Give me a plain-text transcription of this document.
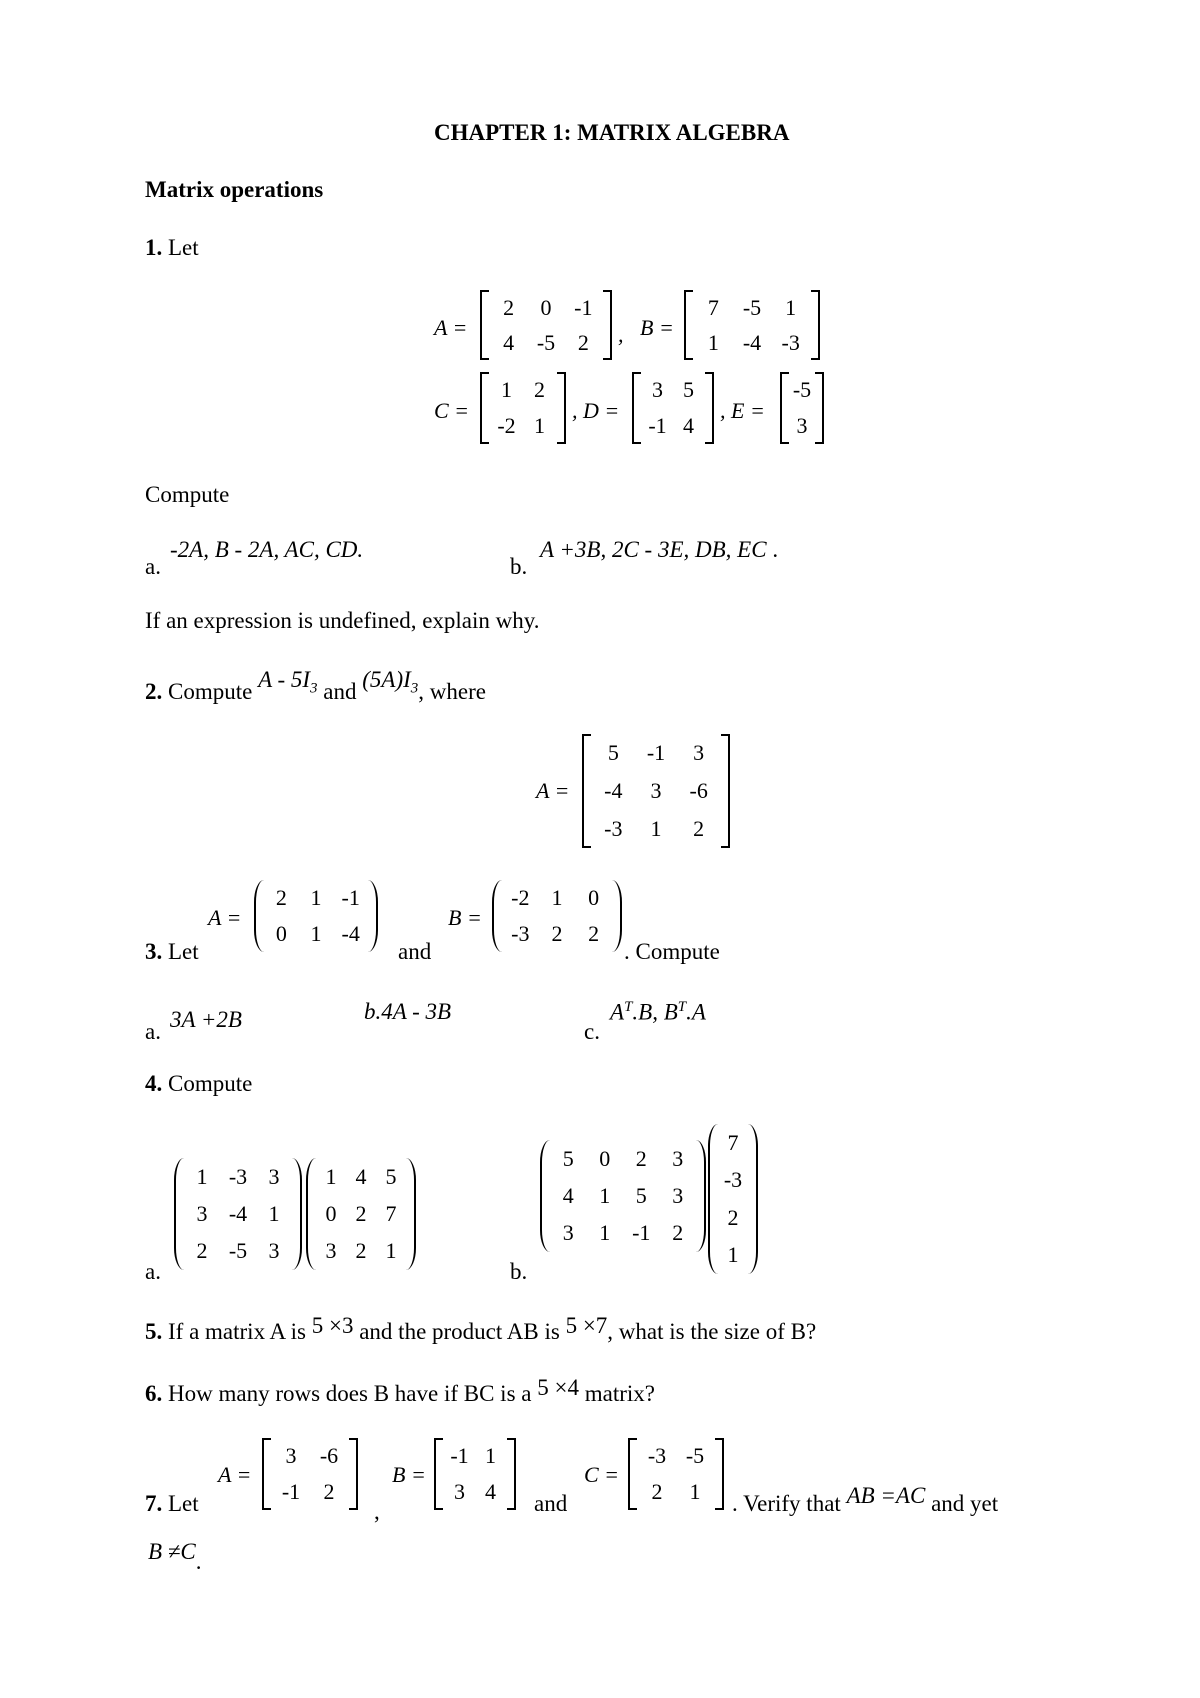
CHAPTER 1: MATRIX ALGEBRA
Matrix operations
1. Let
A =
2	0	-1
4	-5	2	, B =
7	-5	1
1	-4 -3
C =
1	2
-2 1
, D =
3 5
-1 4
, E =
-5
3
Compute
a.
-2A, B - 2A, AC, CD.
b.
A +3B, 2C - 3E, DB, EC .
If an expression is undefined, explain why.
2. Compute A - $5I_3$ and $(5A)I_3$, where
A =
5	-1	3
-4	3	-6
-3	1	2
3. Let
A =
2	1 -1
0	1 -4
and
B =
-2	1	0
-3	2	2
. Compute
a. 3A +2B	b.4A - 3B
c.
$A^T.B$, $B^T.A$
4. Compute
a.
1 -3 3
3 -4 1
2 -5 3
1 4 5
0 2 7
3 2 1
b.
5	0	2	3
4	1	5	3
3	1 -1 2
7
-3
2
1
5. If a matrix A is 5 ×3 and the product AB is 5 ×7, what is the size of B?
6. How many rows does B have if BC is a 5 ×4 matrix?
7. Let
A =
3	-6
-1	2
,
B =
-1 1
3 4	and
C =
-3 -5
2	1	. Verify that AB =AC and yet
B ≠C.
